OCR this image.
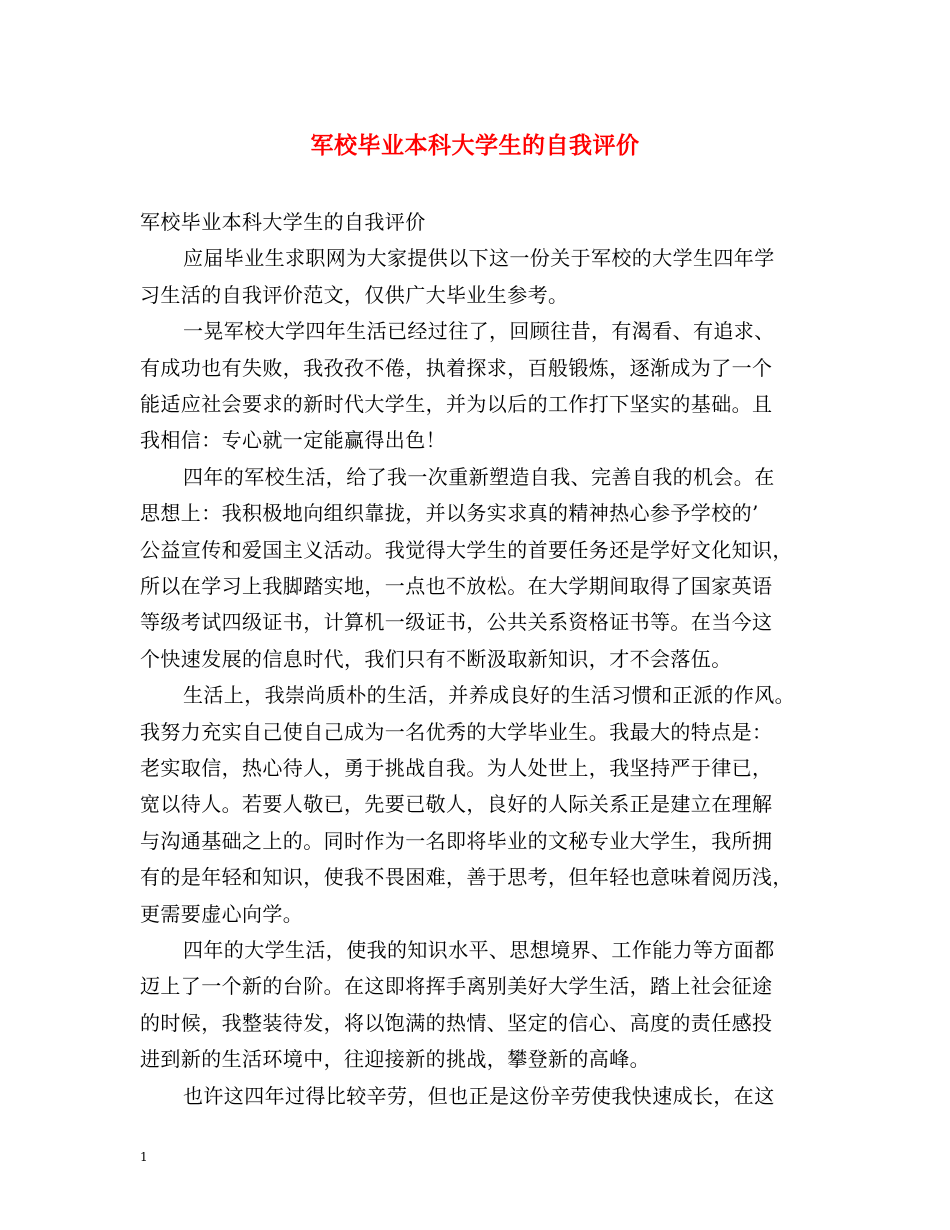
军校毕业本科大学生的自我评价
军校毕业本科大学生的自我评价
应届毕业生求职网为大家提供以下这一份关于军校的大学生四年学
习生活的自我评价范文，仅供广大毕业生参考。
一晃军校大学四年生活已经过往了，回顾往昔，有渴看、有追求、
有成功也有失败，我孜孜不倦，执着探求，百般锻炼，逐渐成为了一个
能适应社会要求的新时代大学生，并为以后的工作打下坚实的基础。且
我相信：专心就一定能赢得出色！
四年的军校生活，给了我一次重新塑造自我、完善自我的机会。在
思想上：我积极地向组织靠拢，并以务实求真的精神热心参予学校的’
公益宣传和爱国主义活动。我觉得大学生的首要任务还是学好文化知识，
所以在学习上我脚踏实地，一点也不放松。在大学期间取得了国家英语
等级考试四级证书，计算机一级证书，公共关系资格证书等。在当今这
个快速发展的信息时代，我们只有不断汲取新知识，才不会落伍。
生活上，我崇尚质朴的生活，并养成良好的生活习惯和正派的作风。
我努力充实自己使自己成为一名优秀的大学毕业生。我最大的特点是：
老实取信，热心待人，勇于挑战自我。为人处世上，我坚持严于律已，
宽以待人。若要人敬已，先要已敬人，良好的人际关系正是建立在理解
与沟通基础之上的。同时作为一名即将毕业的文秘专业大学生，我所拥
有的是年轻和知识，使我不畏困难，善于思考，但年轻也意味着阅历浅，
更需要虚心向学。
四年的大学生活，使我的知识水平、思想境界、工作能力等方面都
迈上了一个新的台阶。在这即将挥手离别美好大学生活，踏上社会征途
的时候，我整装待发，将以饱满的热情、坚定的信心、高度的责任感投
进到新的生活环境中，往迎接新的挑战，攀登新的高峰。
也许这四年过得比较辛劳，但也正是这份辛劳使我快速成长，在这
1
